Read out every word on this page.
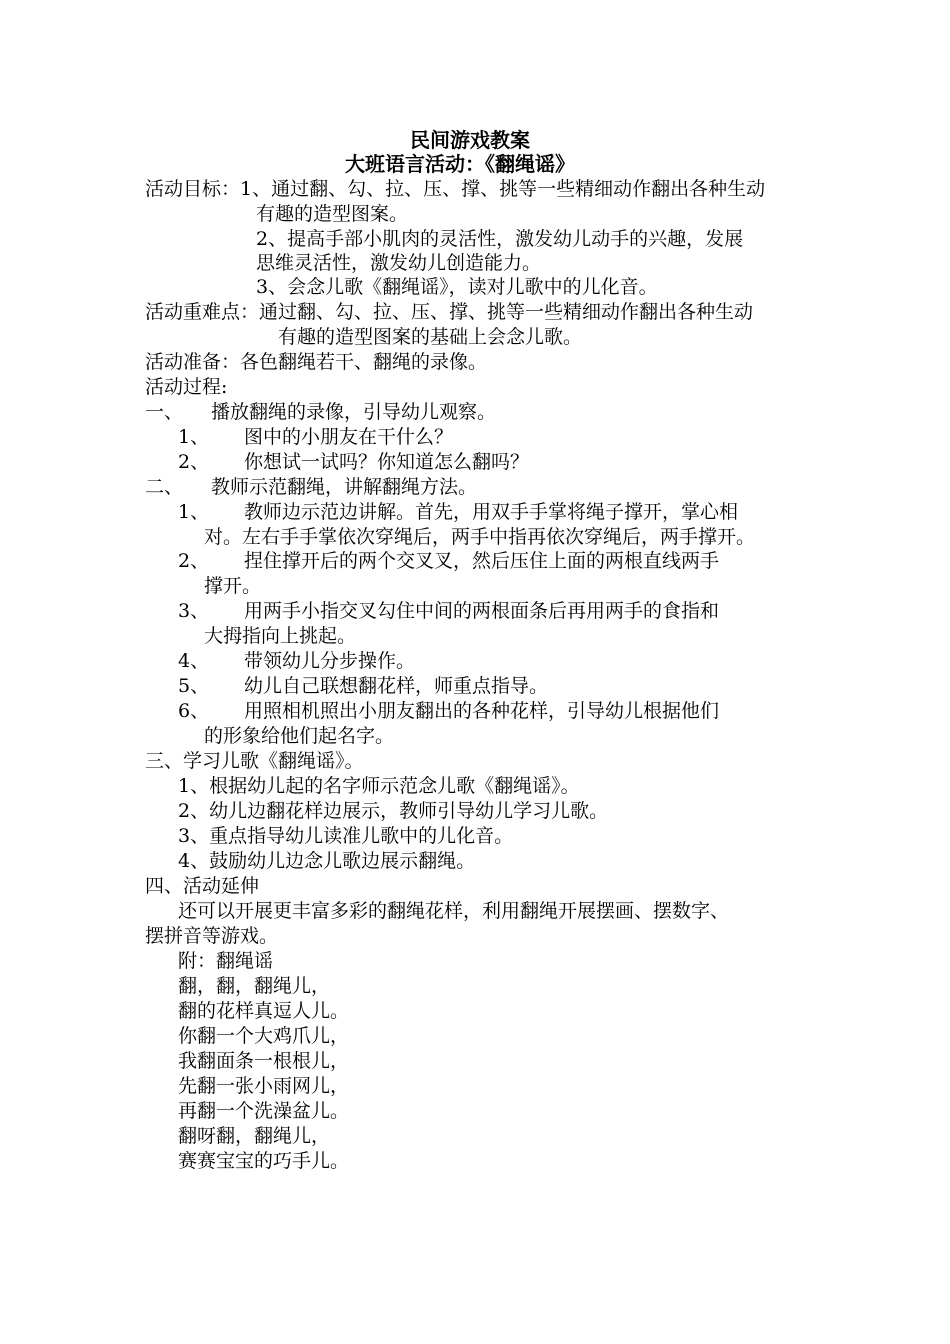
民间游戏教案
大班语言活动：《翻绳谣》
活动目标：1、通过翻、勾、拉、压、撑、挑等一些精细动作翻出各种生动
有趣的造型图案。
2、提高手部小肌肉的灵活性，激发幼儿动手的兴趣，发展
思维灵活性，激发幼儿创造能力。
3、会念儿歌《翻绳谣》，读对儿歌中的儿化音。
活动重难点：通过翻、勾、拉、压、撑、挑等一些精细动作翻出各种生动
有趣的造型图案的基础上会念儿歌。
活动准备：各色翻绳若干、翻绳的录像。
活动过程:
一、 播放翻绳的录像，引导幼儿观察。
1、 图中的小朋友在干什么？
2、 你想试一试吗？你知道怎么翻吗？
二、 教师示范翻绳，讲解翻绳方法。
1、 教师边示范边讲解。首先，用双手手掌将绳子撑开，掌心相
对。左右手手掌依次穿绳后，两手中指再依次穿绳后，两手撑开。
2、 捏住撑开后的两个交叉叉，然后压住上面的两根直线两手
撑开。
3、 用两手小指交叉勾住中间的两根面条后再用两手的食指和
大拇指向上挑起。
4、 带领幼儿分步操作。
5、 幼儿自己联想翻花样，师重点指导。
6、 用照相机照出小朋友翻出的各种花样，引导幼儿根据他们
的形象给他们起名字。
三、学习儿歌《翻绳谣》。
1、根据幼儿起的名字师示范念儿歌《翻绳谣》。
2、幼儿边翻花样边展示，教师引导幼儿学习儿歌。
3、重点指导幼儿读准儿歌中的儿化音。
4、鼓励幼儿边念儿歌边展示翻绳。
四、活动延伸
还可以开展更丰富多彩的翻绳花样，利用翻绳开展摆画、摆数字、
摆拼音等游戏。
附：翻绳谣
翻，翻，翻绳儿，
翻的花样真逗人儿。
你翻一个大鸡爪儿，
我翻面条一根根儿，
先翻一张小雨网儿，
再翻一个洗澡盆儿。
翻呀翻，翻绳儿，
赛赛宝宝的巧手儿。
